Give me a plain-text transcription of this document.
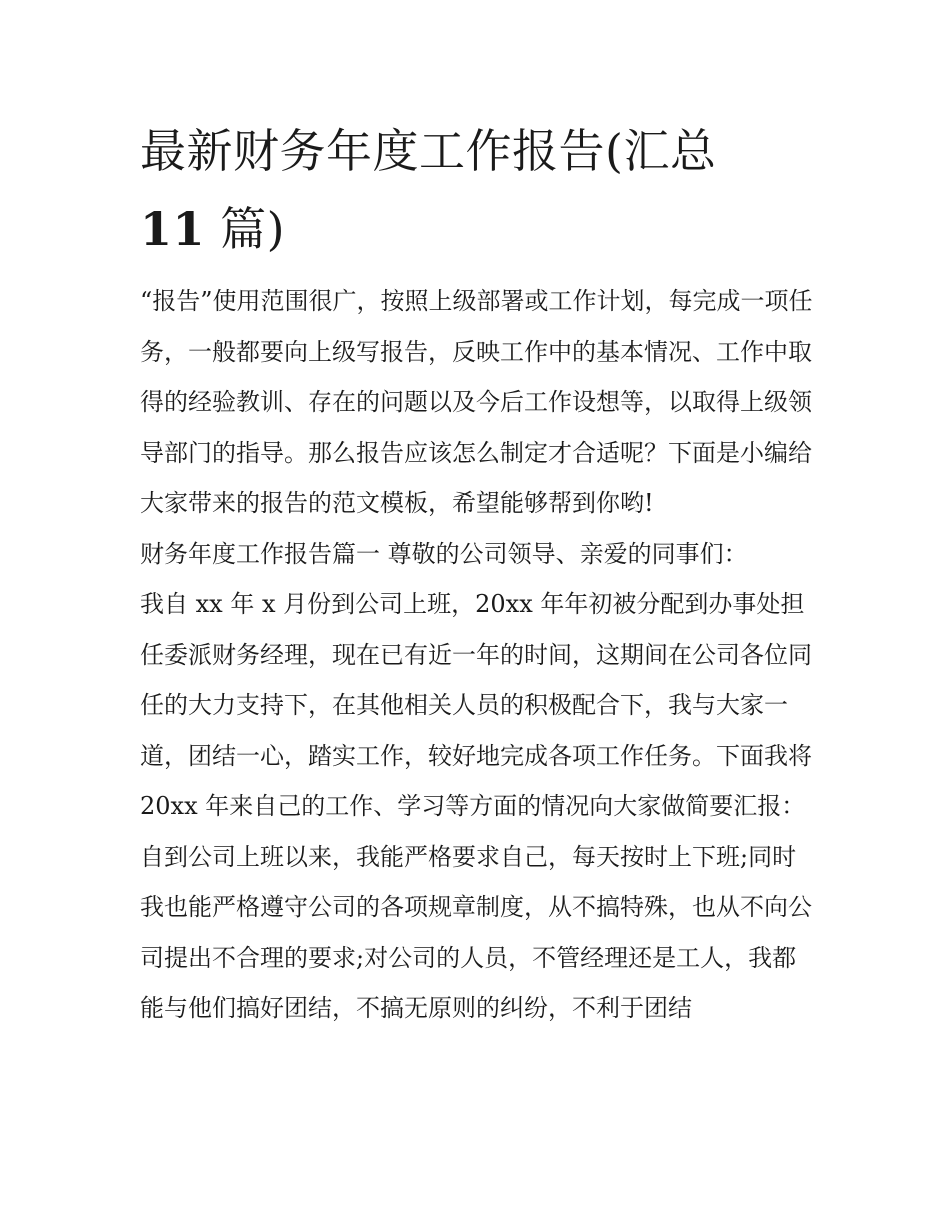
最新财务年度工作报告(汇总
11 篇)

“报告”使用范围很广，按照上级部署或工作计划，每完成一项任务，一般都要向上级写报告，反映工作中的基本情况、工作中取得的经验教训、存在的问题以及今后工作设想等，以取得上级领导部门的指导。那么报告应该怎么制定才合适呢？下面是小编给大家带来的报告的范文模板，希望能够帮到你哟!

财务年度工作报告篇一 尊敬的公司领导、亲爱的同事们：

我自 xx 年 x 月份到公司上班，20xx 年年初被分配到办事处担任委派财务经理，现在已有近一年的时间，这期间在公司各位同任的大力支持下，在其他相关人员的积极配合下，我与大家一道，团结一心，踏实工作，较好地完成各项工作任务。下面我将 20xx 年来自己的工作、学习等方面的情况向大家做简要汇报：

自到公司上班以来，我能严格要求自己，每天按时上下班;同时我也能严格遵守公司的各项规章制度，从不搞特殊，也从不向公司提出不合理的要求;对公司的人员，不管经理还是工人，我都能与他们搞好团结，不搞无原则的纠纷，不利于团结
